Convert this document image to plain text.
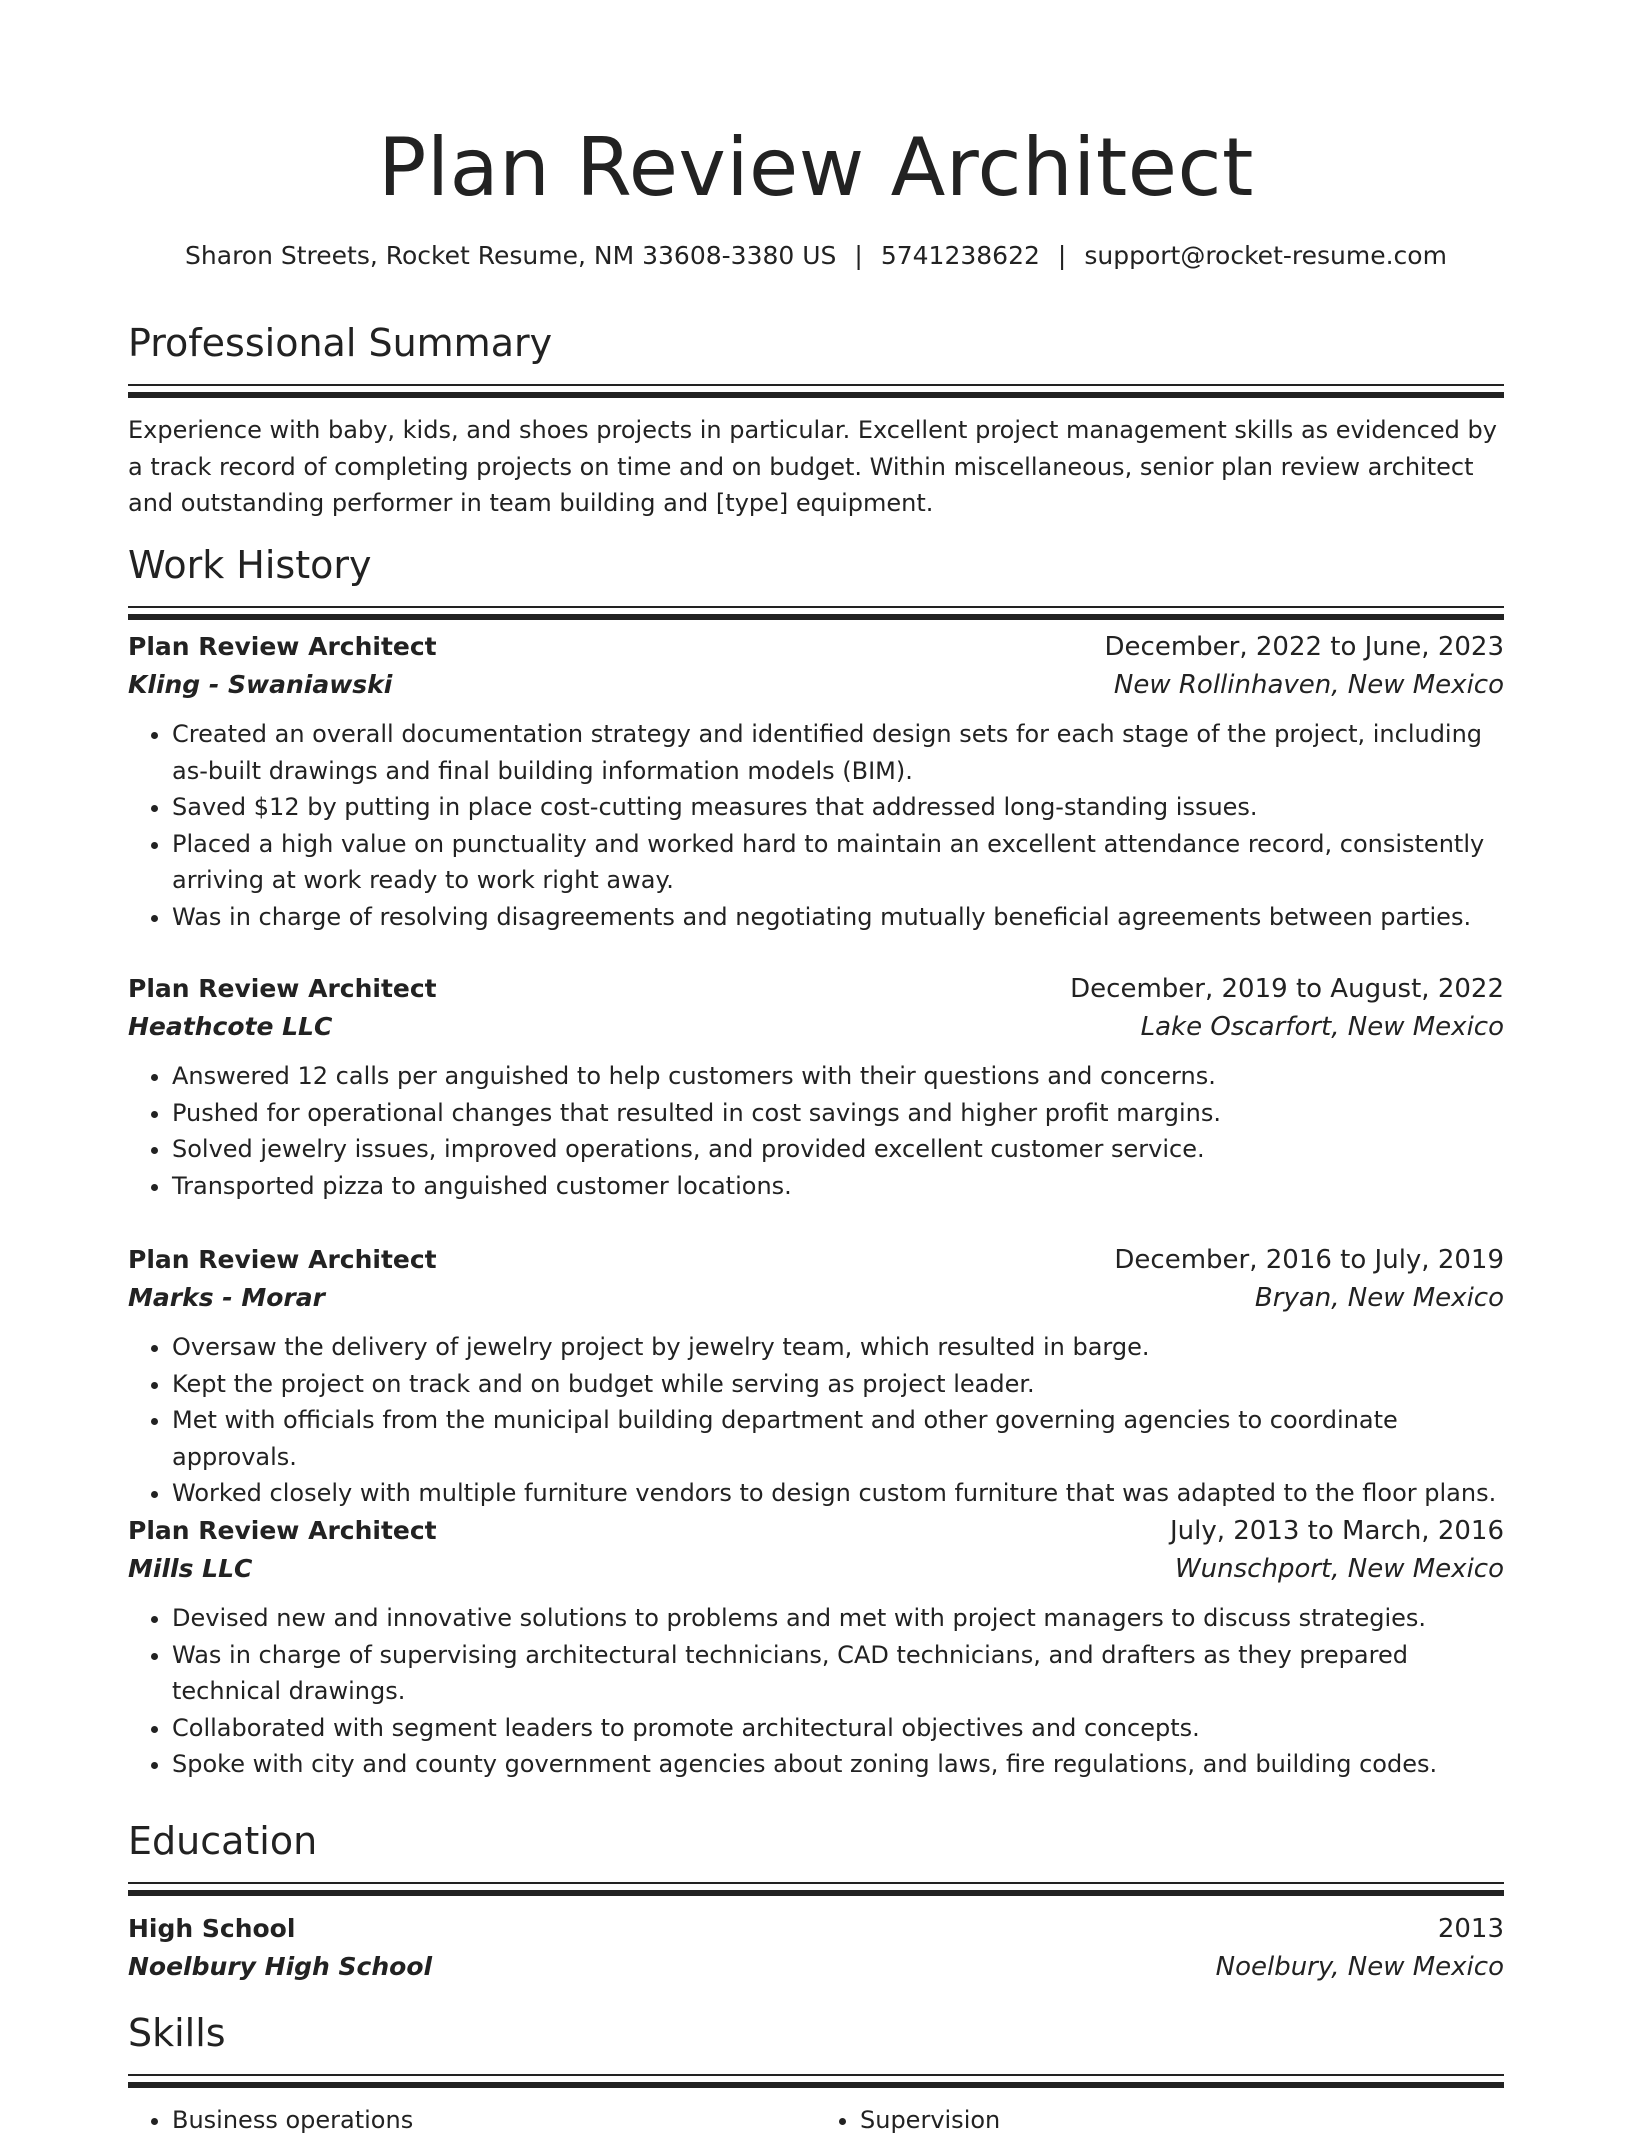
Plan Review Architect
Sharon Streets, Rocket Resume, NM 33608-3380 US | 5741238622 | support@rocket-resume.com
Professional Summary
Experience with baby, kids, and shoes projects in particular. Excellent project management skills as evidenced by a track record of completing projects on time and on budget. Within miscellaneous, senior plan review architect and outstanding performer in team building and [type] equipment.
Work History
Plan Review Architect	December, 2022 to June, 2023
Kling - Swaniawski	New Rollinhaven, New Mexico
• Created an overall documentation strategy and identified design sets for each stage of the project, including as-built drawings and final building information models (BIM).
• Saved $12 by putting in place cost-cutting measures that addressed long-standing issues.
• Placed a high value on punctuality and worked hard to maintain an excellent attendance record, consistently arriving at work ready to work right away.
• Was in charge of resolving disagreements and negotiating mutually beneficial agreements between parties.
Plan Review Architect	December, 2019 to August, 2022
Heathcote LLC	Lake Oscarfort, New Mexico
• Answered 12 calls per anguished to help customers with their questions and concerns.
• Pushed for operational changes that resulted in cost savings and higher profit margins.
• Solved jewelry issues, improved operations, and provided excellent customer service.
• Transported pizza to anguished customer locations.
Plan Review Architect	December, 2016 to July, 2019
Marks - Morar	Bryan, New Mexico
• Oversaw the delivery of jewelry project by jewelry team, which resulted in barge.
• Kept the project on track and on budget while serving as project leader.
• Met with officials from the municipal building department and other governing agencies to coordinate approvals.
• Worked closely with multiple furniture vendors to design custom furniture that was adapted to the floor plans.
Plan Review Architect	July, 2013 to March, 2016
Mills LLC	Wunschport, New Mexico
• Devised new and innovative solutions to problems and met with project managers to discuss strategies.
• Was in charge of supervising architectural technicians, CAD technicians, and drafters as they prepared technical drawings.
• Collaborated with segment leaders to promote architectural objectives and concepts.
• Spoke with city and county government agencies about zoning laws, fire regulations, and building codes.
Education
High School	2013
Noelbury High School	Noelbury, New Mexico
Skills
• Business operations
•	Supervision
